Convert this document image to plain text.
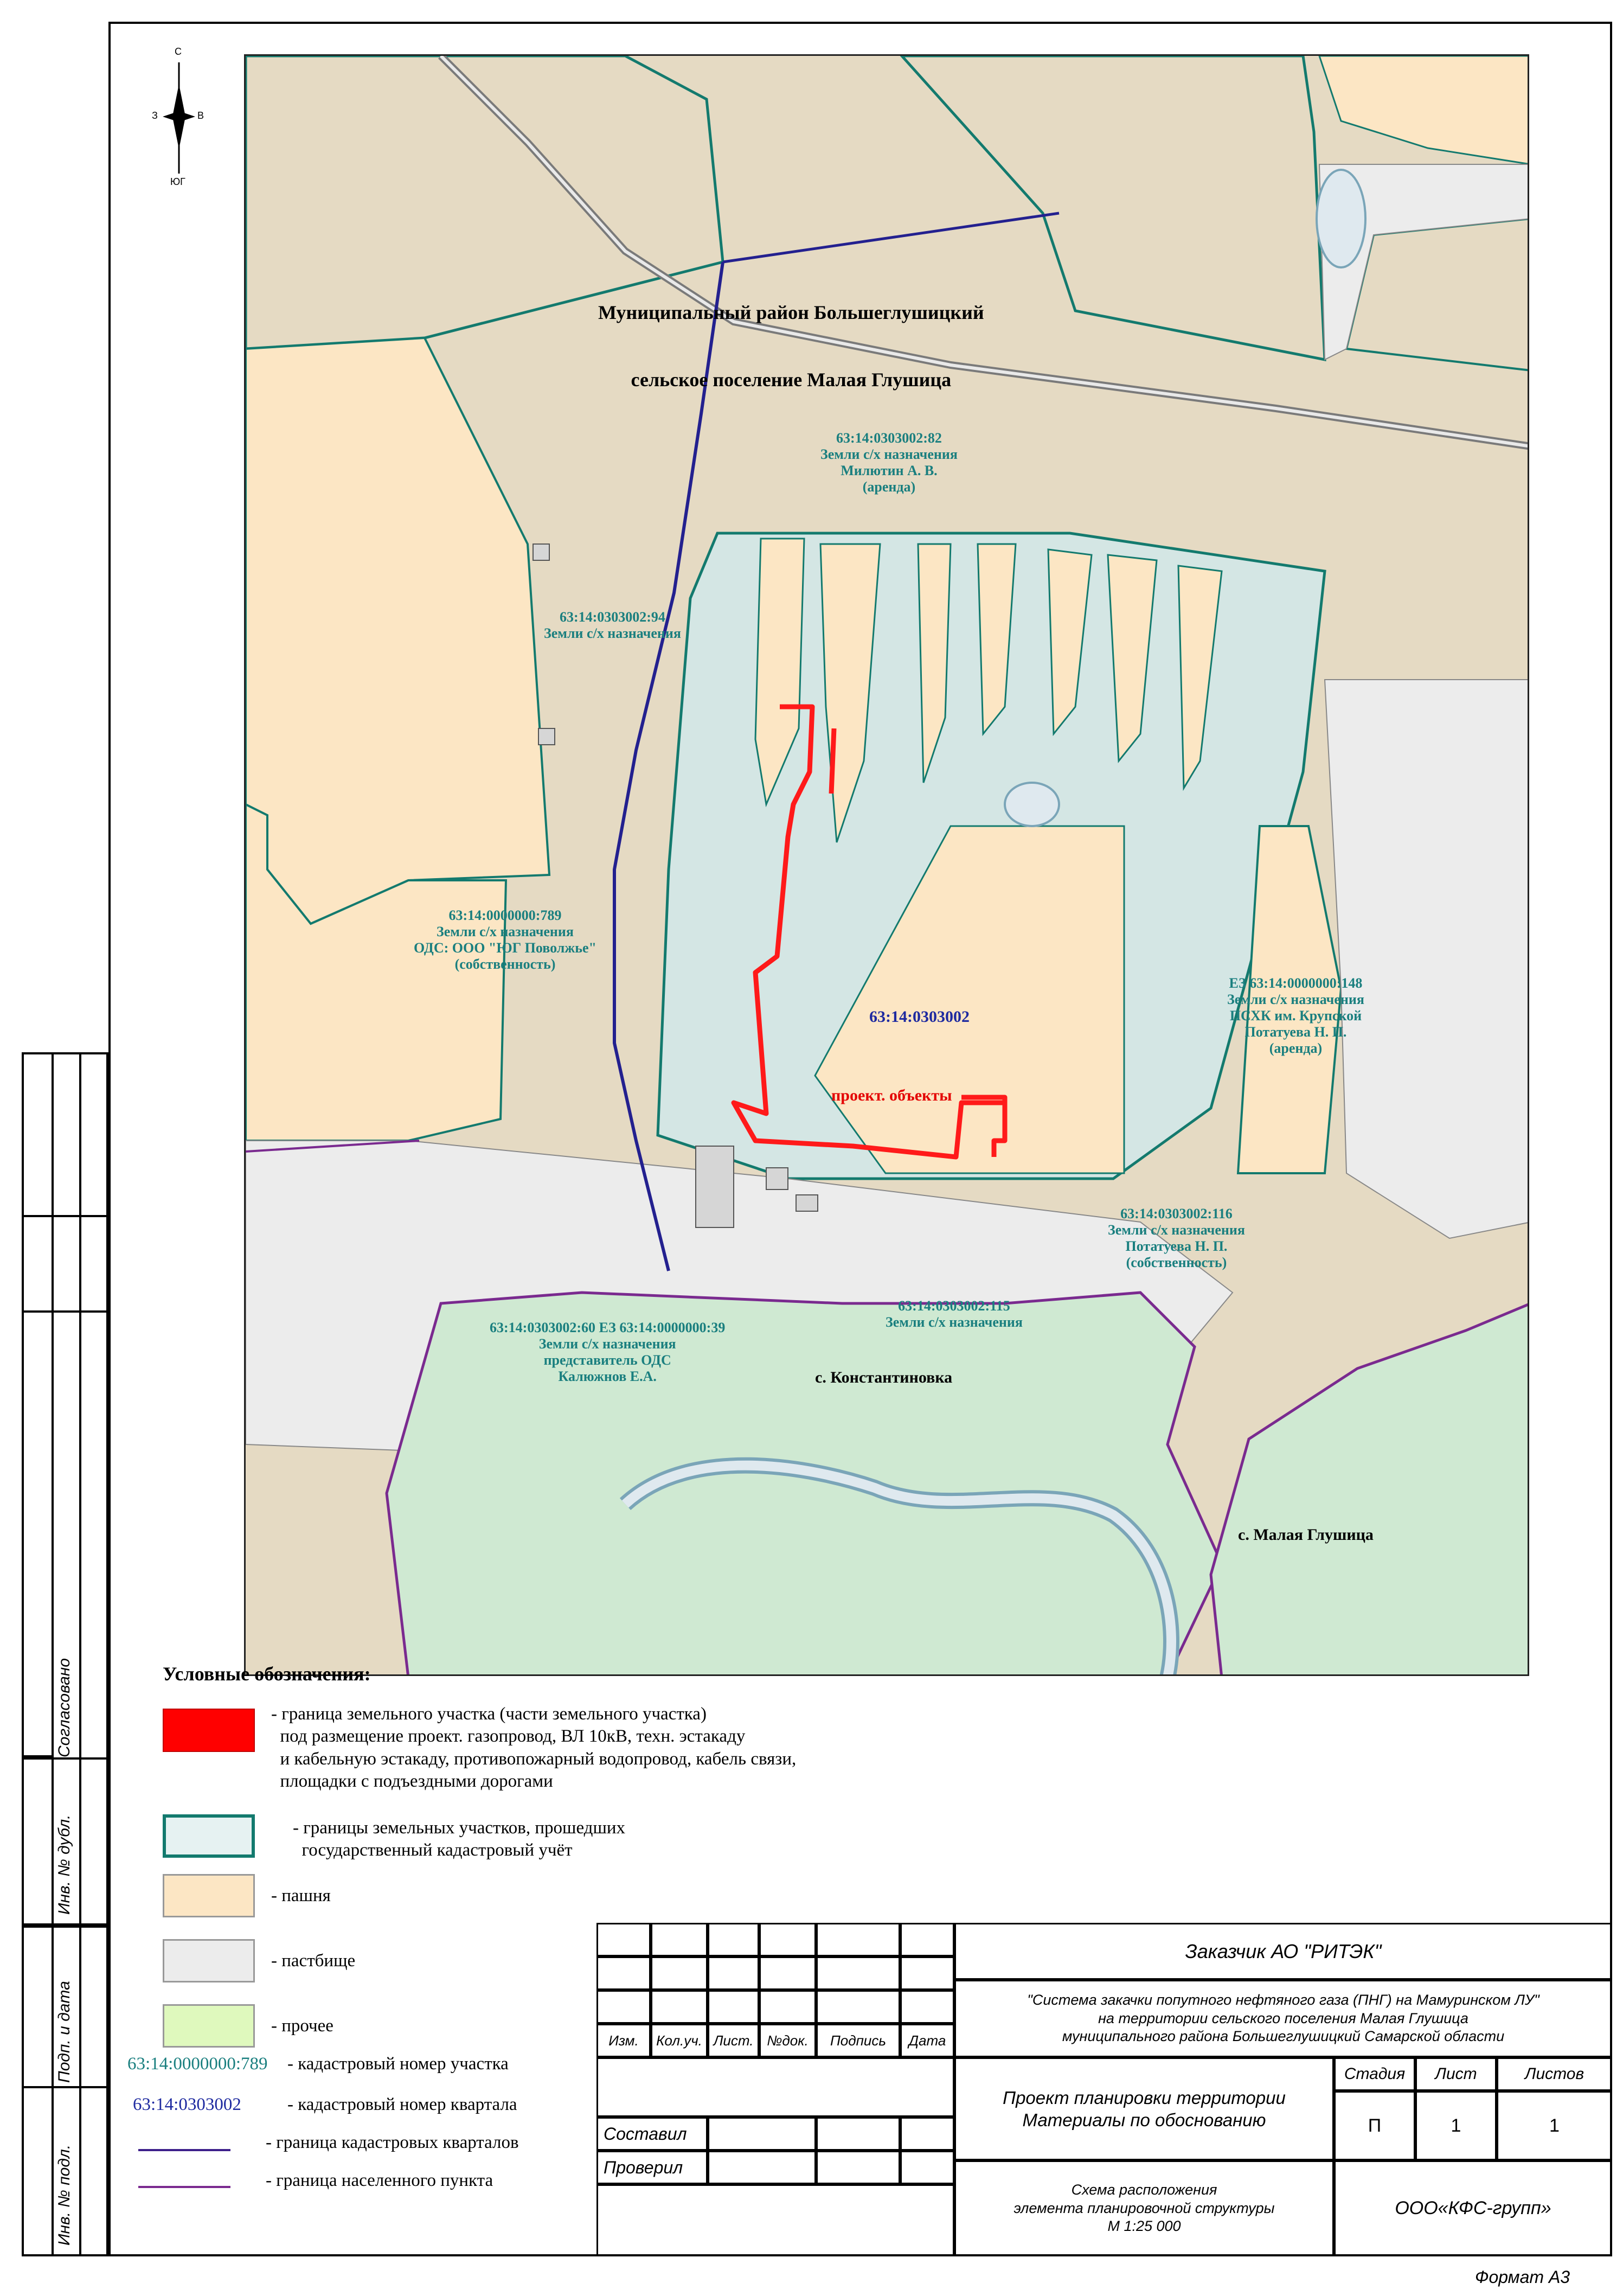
Муниципальный район Большеглушицкий

сельское поселение Малая Глушица

63:14:0303002:82
Земли с/х назначения
Милютин А. В.
(аренда)
63:14:0303002:94
Земли с/х назначения
63:14:0000000:789
Земли с/х назначения
ОДС: ООО "ЮГ Поволжье"
(собственность)
63:14:0303002
проект. объекты
ЕЗ 63:14:0000000:148
Земли с/х назначения
ПСХК им. Крупской
Потатуева Н. П.
(аренда)
63:14:0303002:116
Земли с/х назначения
Потатуева Н. П.
(собственность)
63:14:0303002:115
Земли с/х назначения
63:14:0303002:60 ЕЗ 63:14:0000000:39
Земли с/х назначения
представитель ОДС
Калюжнов Е.А.	с. Константиновка
с. Малая Глушица
С
З	В
ЮГ
Согласовано
Инв. № дубл.
Подп. и дата
Инв. № подл.
Условные обозначения:
- граница земельного участка (части земельного участка)
под размещение проект. газопровод, ВЛ 10кВ, техн. эстакаду
и кабельную эстакаду, противопожарный водопровод, кабель связи,
площадки с подъездными дорогами
- границы земельных участков, прошедших
государственный кадастровый учёт
- пашня
- пастбище
- прочее
63:14:0000000:789 - кадастровый номер участка
63:14:0303002	- кадастровый номер квартала
- граница кадастровых кварталов
- граница населенного пункта
Изм.	Кол.уч. Лист. №док.	Подпись	Дата
Составил
Проверил
Заказчик АО "РИТЭК"
"Система закачки попутного нефтяного газа (ПНГ) на Мамуринском ЛУ"
на территории сельского поселения Малая Глушица
муниципального района Большеглушицкий Самарской области
Проект планировки территории
Материалы по обоснованию
Стадия	Лист	Листов
П	1	1
Схема расположения
элемента планировочной структуры
М 1:25 000
ООО«КФС-групп»
Формат А3
